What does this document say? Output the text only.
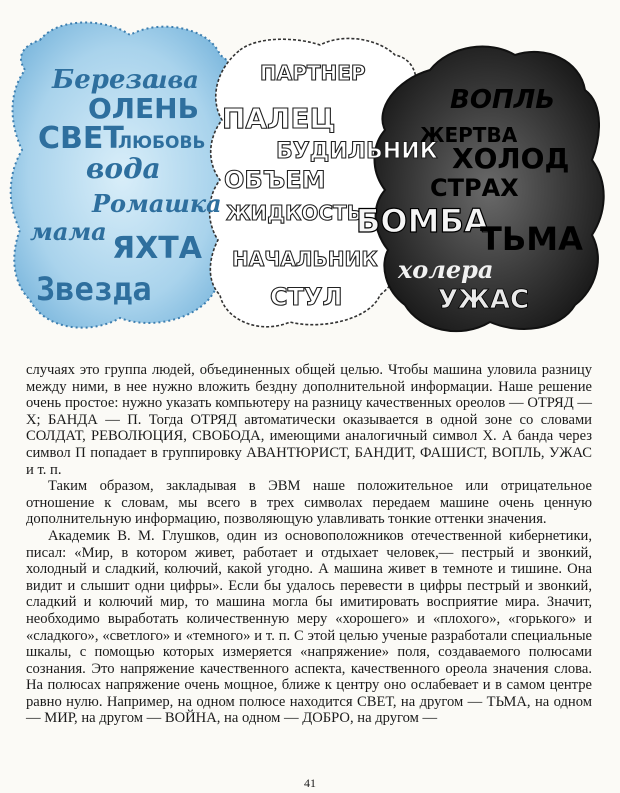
Береза
ива
ОЛЕНЬ
СВЕТ
ЛЮБОВЬ
вода
Ромашка
мама ЯХТА
Звезда
ПАРТНЕР
ПАЛЕЦ
БУДИЛЬНИК
ОБЪЕМ
ЖИДКОСТЬ
НАЧАЛЬНИК
СТУЛ
ВОПЛЬ
ЖЕРТВА
ХОЛОД
СТРАХ
БОМБА
ТЬМА
холера
УЖАС

случаях это группа людей, объединенных общей целью. Чтобы машина уловила разницу между ними, в нее нужно вложить бездну дополнительной информации. Наше решение очень простое: нужно указать компьютеру на разницу качественных ореолов — ОТРЯД — X; БАНДА — П. Тогда ОТРЯД автоматически оказывается в одной зоне со словами СОЛДАТ, РЕВОЛЮЦИЯ, СВОБОДА, имеющими аналогичный символ X. А банда через символ П попадает в группировку АВАНТЮРИСТ, БАНДИТ, ФАШИСТ, ВОПЛЬ, УЖАС и т. п.

Таким образом, закладывая в ЭВМ наше положительное или отрицательное отношение к словам, мы всего в трех символах передаем машине очень ценную дополнительную информацию, позволяющую улавливать тонкие оттенки значения.

Академик В. М. Глушков, один из основоположников отечественной кибернетики, писал: «Мир, в котором живет, работает и отдыхает человек,— пестрый и звонкий, холодный и сладкий, колючий, какой угодно. А машина живет в темноте и тишине. Она видит и слышит одни цифры». Если бы удалось перевести в цифры пестрый и звонкий, сладкий и колючий мир, то машина могла бы имитировать восприятие мира. Значит, необходимо выработать количественную меру «хорошего» и «плохого», «горького» и «сладкого», «светлого» и «темного» и т. п. С этой целью ученые разработали специальные шкалы, с помощью которых измеряется «напряжение» поля, создаваемого полюсами сознания. Это напряжение качественного аспекта, качественного ореола значения слова. На полюсах напряжение очень мощное, ближе к центру оно ослабевает и в самом центре равно нулю. Например, на одном полюсе находится СВЕТ, на другом — ТЬМА, на одном — МИР, на другом — ВОЙНА, на одном — ДОБРО, на другом —

41
